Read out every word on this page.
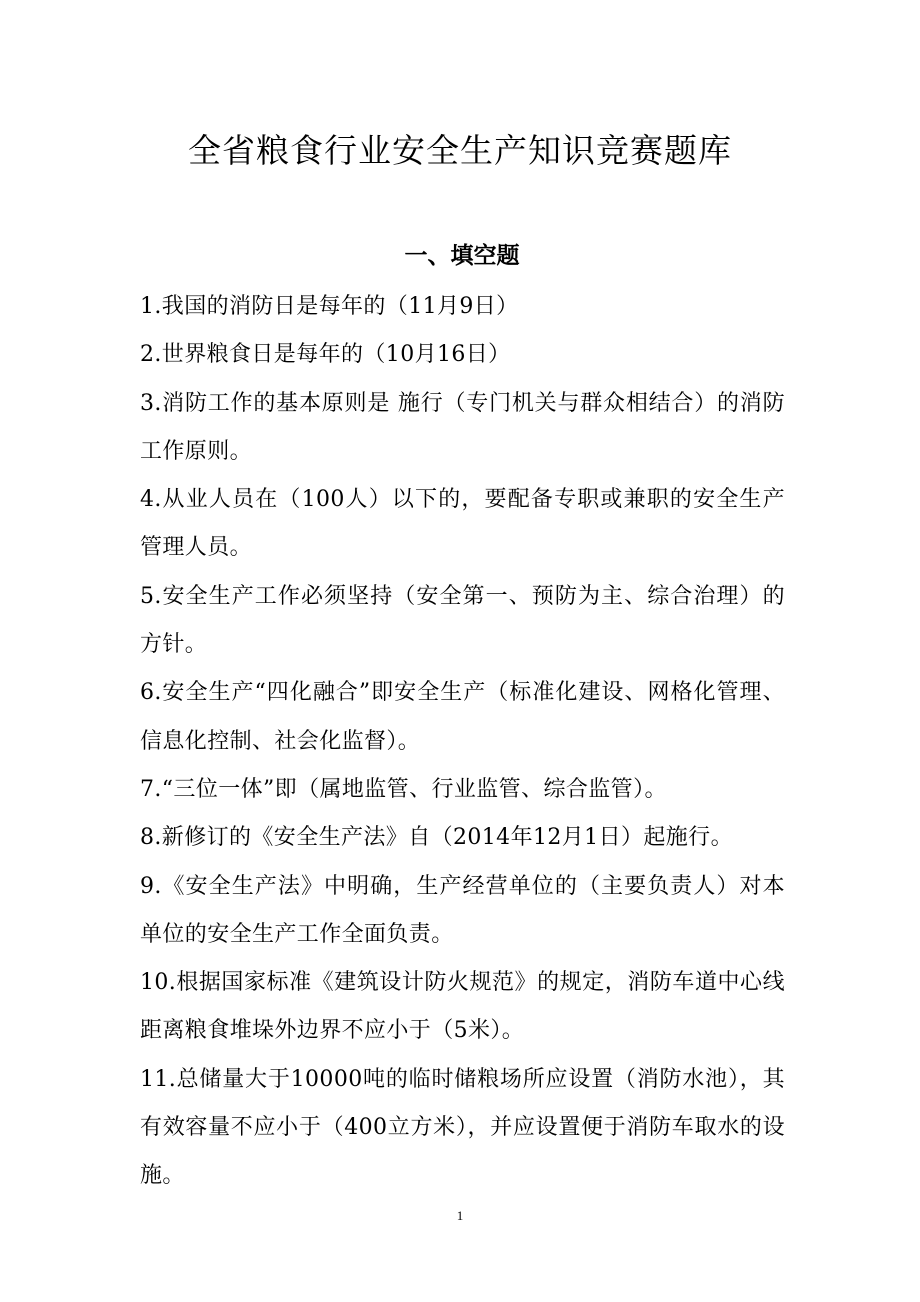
全省粮食行业安全生产知识竞赛题库
一、填空题
1.我国的消防日是每年的（11月9日）
2.世界粮食日是每年的（10月16日）
3.消防工作的基本原则是 施行（专门机关与群众相结合）的消防工作原则。
4.从业人员在（100人）以下的，要配备专职或兼职的安全生产管理人员。
5.安全生产工作必须坚持（安全第一、预防为主、综合治理）的方针。
6.安全生产“四化融合”即安全生产（标准化建设、网格化管理、信息化控制、社会化监督）。
7.“三位一体”即（属地监管、行业监管、综合监管）。
8.新修订的《安全生产法》自（2014年12月1日）起施行。
9.《安全生产法》中明确，生产经营单位的（主要负责人）对本单位的安全生产工作全面负责。
10.根据国家标准《建筑设计防火规范》的规定，消防车道中心线距离粮食堆垛外边界不应小于（5米）。
11.总储量大于10000吨的临时储粮场所应设置（消防水池），其有效容量不应小于（400立方米），并应设置便于消防车取水的设施。
1
